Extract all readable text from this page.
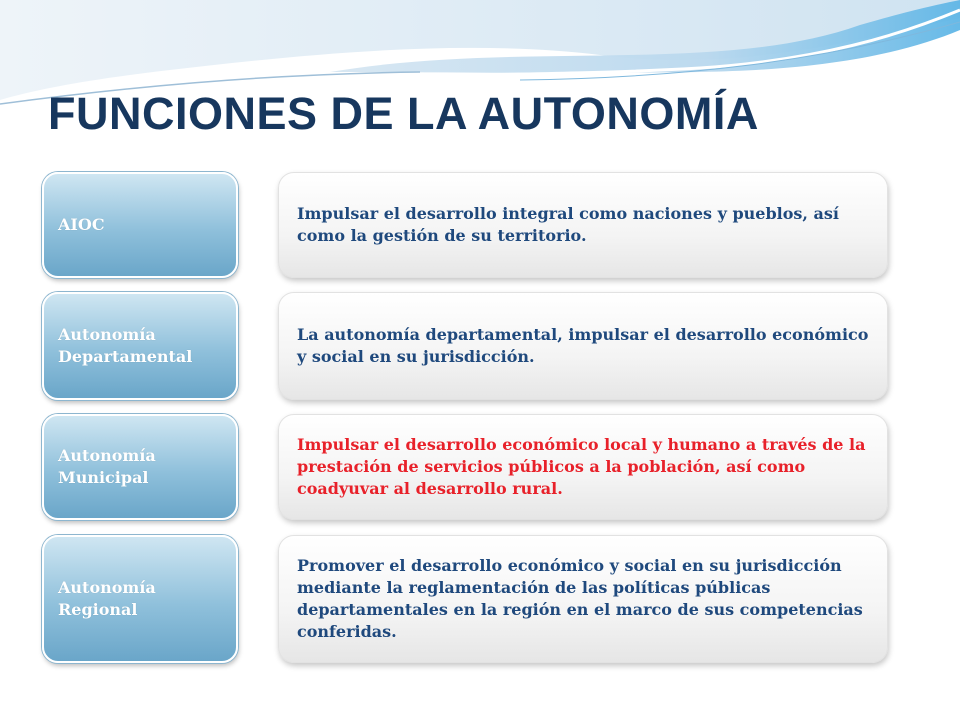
FUNCIONES DE LA AUTONOMÍA
AIOC
Impulsar el desarrollo integral como naciones y pueblos, así como la gestión de su territorio.
Autonomía Departamental
La autonomía departamental, impulsar el desarrollo económico y social en su jurisdicción.
Autonomía Municipal
Impulsar el desarrollo económico local y humano a través de la prestación de servicios públicos a la población, así como coadyuvar al desarrollo rural.
Autonomía Regional
Promover el desarrollo económico y social en su jurisdicción mediante la reglamentación de las políticas públicas departamentales en la región en el marco de sus competencias conferidas.
